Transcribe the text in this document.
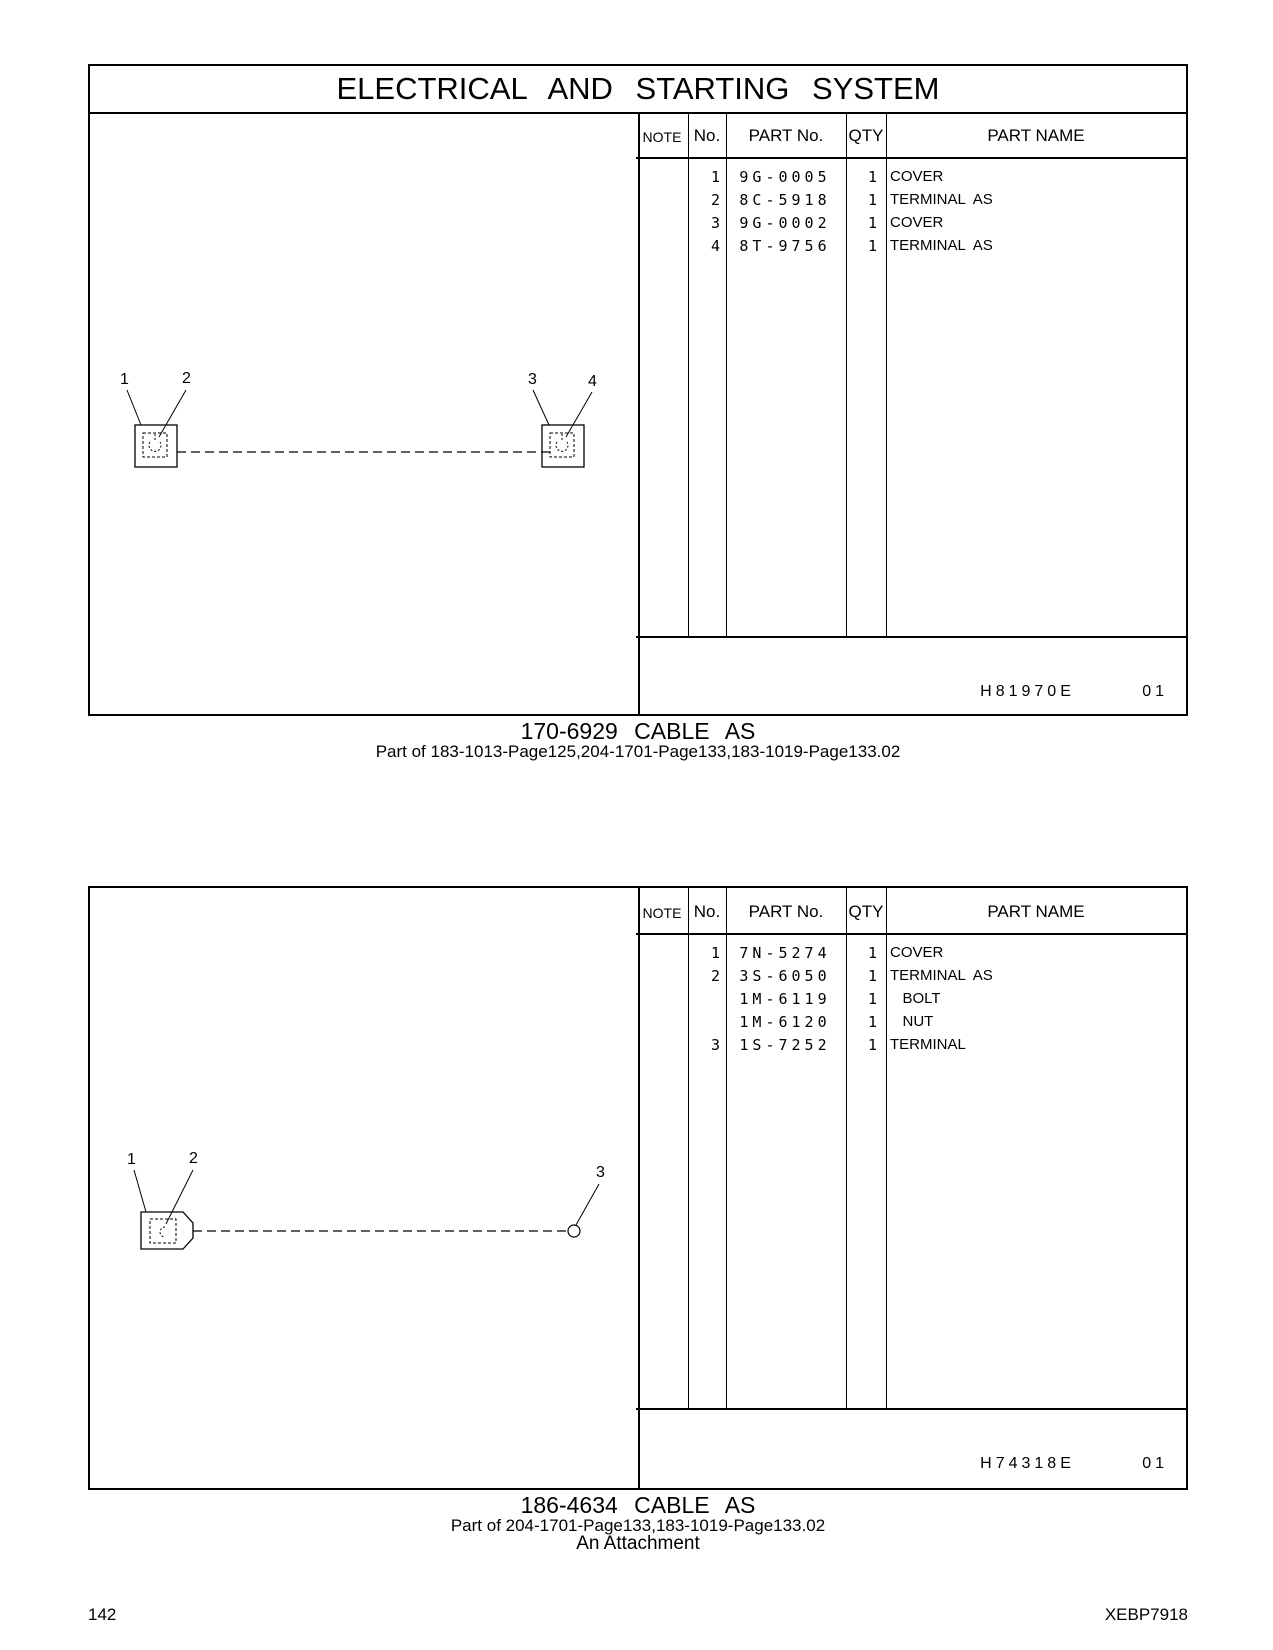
ELECTRICAL AND STARTING SYSTEM
1	2	3	4
NOTE No.	PART No.	QTY	PART NAME
1	9G-0005	1 COVER
2	8C-5918	1 TERMINAL  AS
3	9G-0002	1 COVER
4	8T-9756	1 TERMINAL  AS
H81970E	01
170-6929 CABLE AS
Part of 183-1013-Page125,204-1701-Page133,183-1019-Page133.02
1	2
3
NOTE No.	PART No.	QTY	PART NAME
1	7N-5274	1 COVER
2	3S-6050	1 TERMINAL  AS
1M-6119	1 BOLT
1M-6120	1 NUT
3	1S-7252	1 TERMINAL
H74318E	01
186-4634 CABLE AS
Part of 204-1701-Page133,183-1019-Page133.02
An Attachment
142	XEBP7918
